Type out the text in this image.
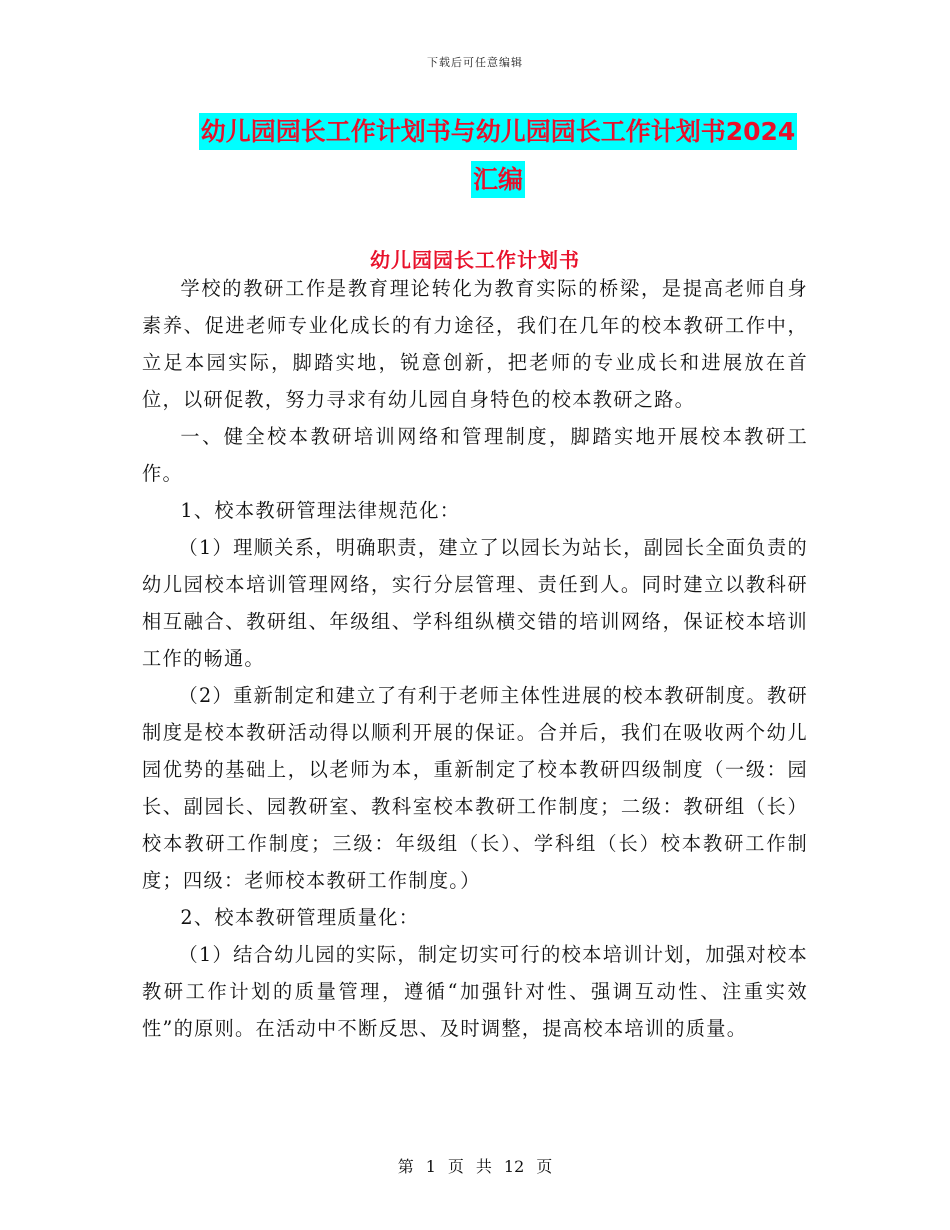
下载后可任意编辑
幼儿园园长工作计划书与幼儿园园长工作计划书2024汇编
幼儿园园长工作计划书

学校的教研工作是教育理论转化为教育实际的桥梁，是提高老师自身素养、促进老师专业化成长的有力途径，我们在几年的校本教研工作中，立足本园实际，脚踏实地，锐意创新，把老师的专业成长和进展放在首位，以研促教，努力寻求有幼儿园自身特色的校本教研之路。

一、健全校本教研培训网络和管理制度，脚踏实地开展校本教研工作。

1、校本教研管理法律规范化：

（1）理顺关系，明确职责，建立了以园长为站长，副园长全面负责的幼儿园校本培训管理网络，实行分层管理、责任到人。同时建立以教科研相互融合、教研组、年级组、学科组纵横交错的培训网络，保证校本培训工作的畅通。

（2）重新制定和建立了有利于老师主体性进展的校本教研制度。教研制度是校本教研活动得以顺利开展的保证。合并后，我们在吸收两个幼儿园优势的基础上，以老师为本，重新制定了校本教研四级制度（一级：园长、副园长、园教研室、教科室校本教研工作制度；二级：教研组（长）校本教研工作制度；三级：年级组（长）、学科组（长）校本教研工作制度；四级：老师校本教研工作制度。）

2、校本教研管理质量化：

（1）结合幼儿园的实际，制定切实可行的校本培训计划，加强对校本教研工作计划的质量管理，遵循“加强针对性、强调互动性、注重实效性”的原则。在活动中不断反思、及时调整，提高校本培训的质量。

第 1 页 共 12 页
